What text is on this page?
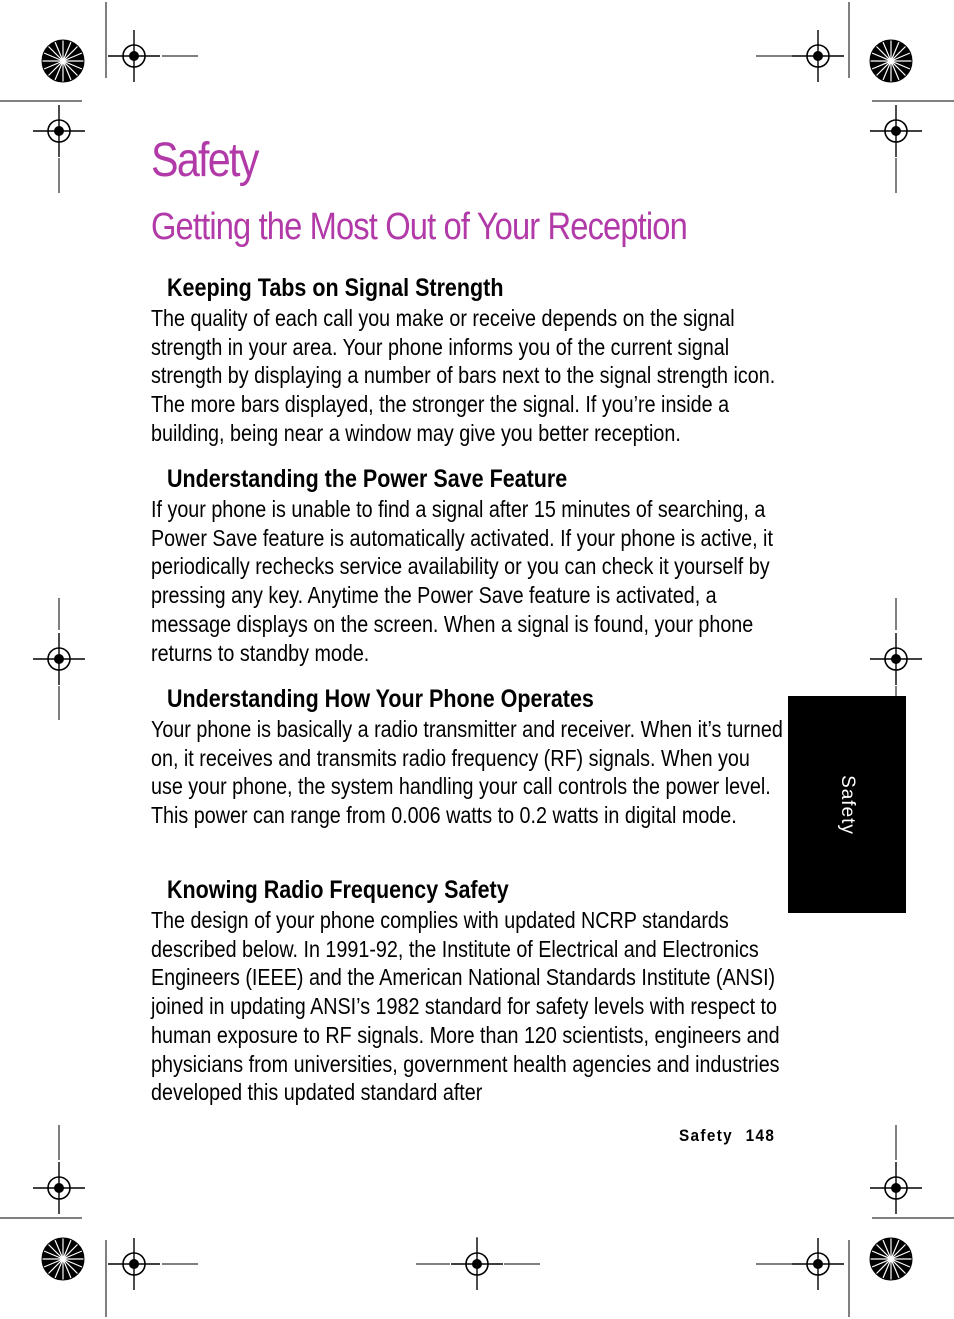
Safety
Getting the Most Out of Your Reception
Keeping Tabs on Signal Strength

The quality of each call you make or receive depends on the signal strength in your area. Your phone informs you of the current signal strength by displaying a number of bars next to the signal strength icon. The more bars displayed, the stronger the signal. If you’re inside a building, being near a window may give you better reception.

Understanding the Power Save Feature

If your phone is unable to find a signal after 15 minutes of searching, a Power Save feature is automatically activated. If your phone is active, it periodically rechecks service availability or you can check it yourself by pressing any key. Anytime the Power Save feature is activated, a message displays on the screen. When a signal is found, your phone returns to standby mode.

Understanding How Your Phone Operates

Your phone is basically a radio transmitter and receiver. When it’s turned on, it receives and transmits radio frequency (RF) signals. When you use your phone, the system handling your call controls the power level. This power can range from 0.006 watts to 0.2 watts in digital mode.

Knowing Radio Frequency Safety

The design of your phone complies with updated NCRP standards described below. In 1991-92, the Institute of Electrical and Electronics Engineers (IEEE) and the American National Standards Institute (ANSI) joined in updating ANSI’s 1982 standard for safety levels with respect to human exposure to RF signals. More than 120 scientists, engineers and physicians from universities, government health agencies and industries developed this updated standard after

Safety

Safety 148
